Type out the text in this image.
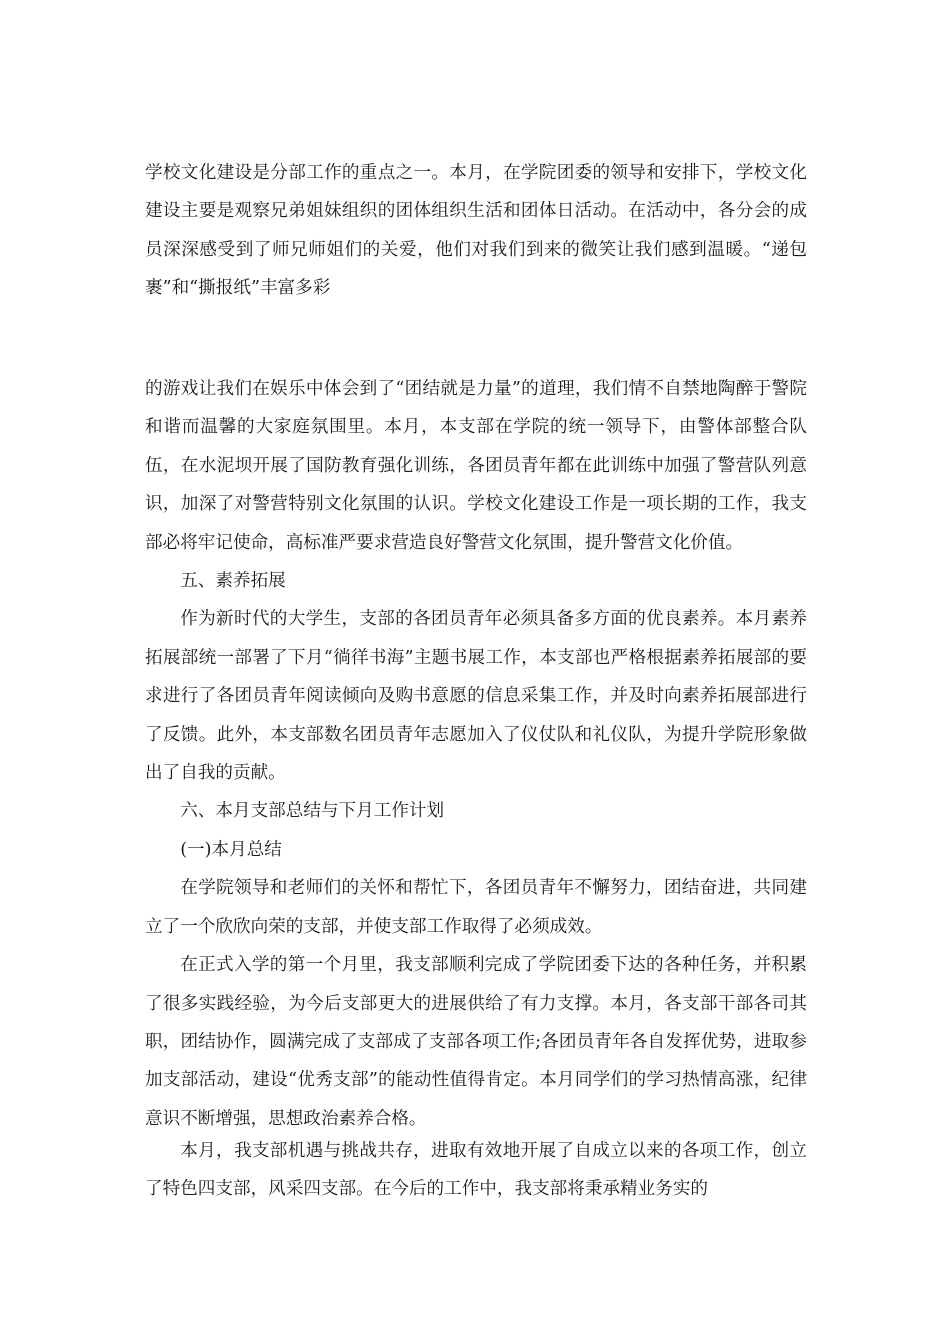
学校文化建设是分部工作的重点之一。本月，在学院团委的领导和安排下，学校文化建设主要是观察兄弟姐妹组织的团体组织生活和团体日活动。在活动中，各分会的成员深深感受到了师兄师姐们的关爱，他们对我们到来的微笑让我们感到温暖。“递包裹”和“撕报纸”丰富多彩

的游戏让我们在娱乐中体会到了“团结就是力量”的道理，我们情不自禁地陶醉于警院和谐而温馨的大家庭氛围里。本月，本支部在学院的统一领导下，由警体部整合队伍，在水泥坝开展了国防教育强化训练，各团员青年都在此训练中加强了警营队列意识，加深了对警营特别文化氛围的认识。学校文化建设工作是一项长期的工作，我支部必将牢记使命，高标准严要求营造良好警营文化氛围，提升警营文化价值。

五、素养拓展

作为新时代的大学生，支部的各团员青年必须具备多方面的优良素养。本月素养拓展部统一部署了下月“徜徉书海”主题书展工作，本支部也严格根据素养拓展部的要求进行了各团员青年阅读倾向及购书意愿的信息采集工作，并及时向素养拓展部进行了反馈。此外，本支部数名团员青年志愿加入了仪仗队和礼仪队，为提升学院形象做出了自我的贡献。

六、本月支部总结与下月工作计划

(一)本月总结

在学院领导和老师们的关怀和帮忙下，各团员青年不懈努力，团结奋进，共同建立了一个欣欣向荣的支部，并使支部工作取得了必须成效。

在正式入学的第一个月里，我支部顺利完成了学院团委下达的各种任务，并积累了很多实践经验，为今后支部更大的进展供给了有力支撑。本月，各支部干部各司其职，团结协作，圆满完成了支部成了支部各项工作;各团员青年各自发挥优势，进取参加支部活动，建设“优秀支部”的能动性值得肯定。本月同学们的学习热情高涨，纪律意识不断增强，思想政治素养合格。

本月，我支部机遇与挑战共存，进取有效地开展了自成立以来的各项工作，创立了特色四支部，风采四支部。在今后的工作中，我支部将秉承精业务实的
